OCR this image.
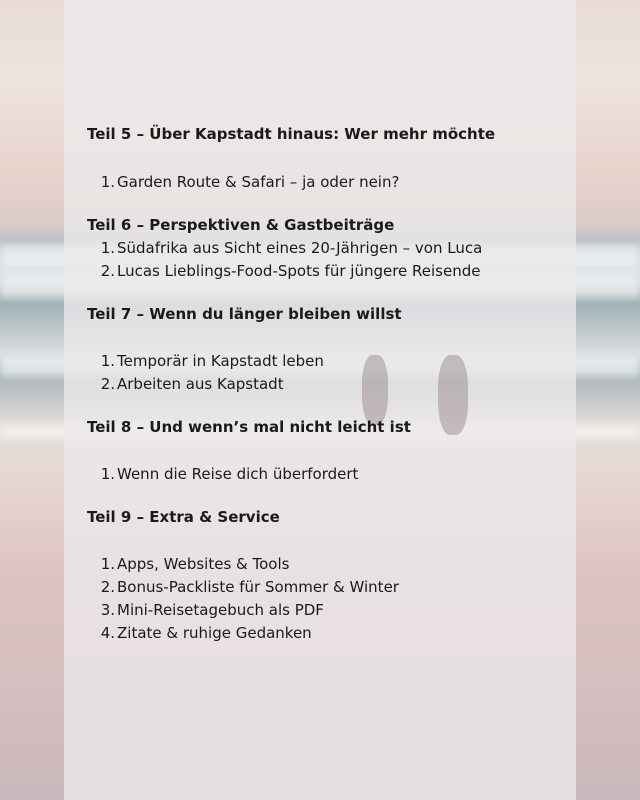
Teil 5 – Über Kapstadt hinaus: Wer mehr möchte

1. Garden Route & Safari – ja oder nein?

Teil 6 – Perspektiven & Gastbeiträge

1. Südafrika aus Sicht eines 20-Jährigen – von Luca
2. Lucas Lieblings-Food-Spots für jüngere Reisende

Teil 7 – Wenn du länger bleiben willst

1. Temporär in Kapstadt leben
2. Arbeiten aus Kapstadt

Teil 8 – Und wenn’s mal nicht leicht ist

1. Wenn die Reise dich überfordert

Teil 9 – Extra & Service

1. Apps, Websites & Tools
2. Bonus-Packliste für Sommer & Winter
3. Mini-Reisetagebuch als PDF
4. Zitate & ruhige Gedanken
